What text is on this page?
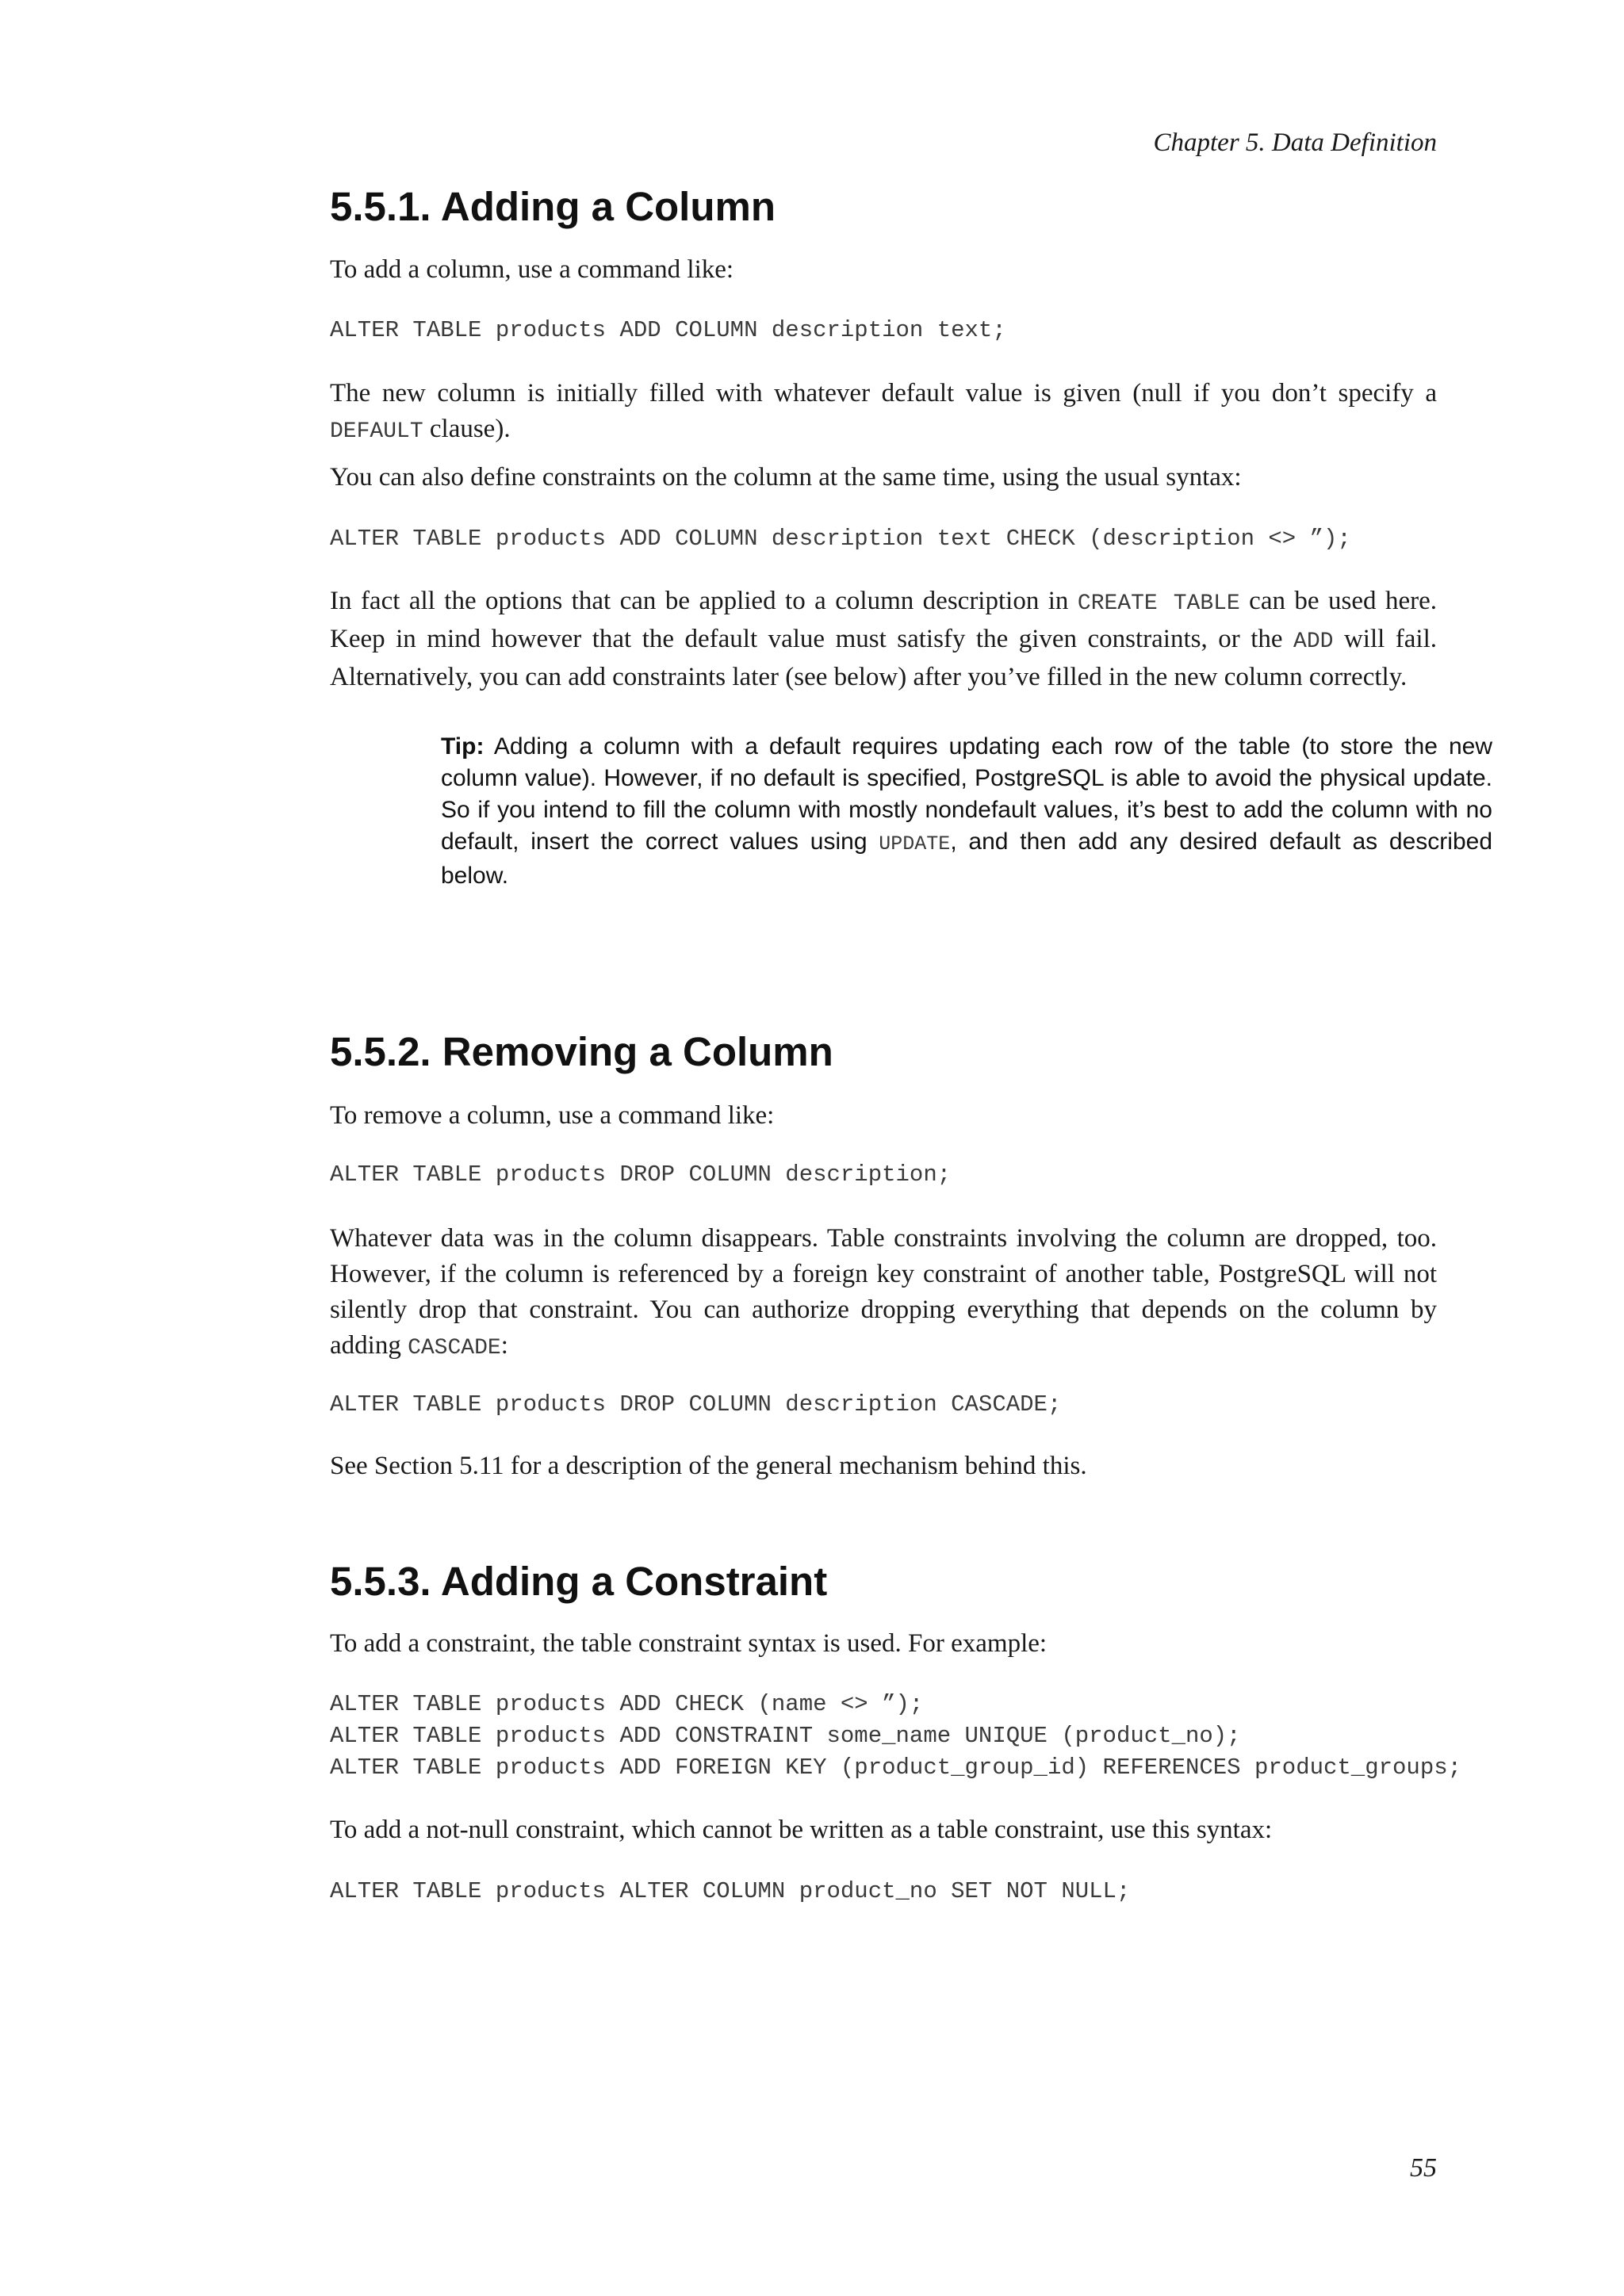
Chapter 5. Data Definition
5.5.1. Adding a Column

To add a column, use a command like:

ALTER TABLE products ADD COLUMN description text;

The new column is initially filled with whatever default value is given (null if you don’t specify a DEFAULT clause).

You can also define constraints on the column at the same time, using the usual syntax:

ALTER TABLE products ADD COLUMN description text CHECK (description <> ”);

In fact all the options that can be applied to a column description in CREATE TABLE can be used here. Keep in mind however that the default value must satisfy the given constraints, or the ADD will fail. Alternatively, you can add constraints later (see below) after you’ve filled in the new column correctly.

Tip: Adding a column with a default requires updating each row of the table (to store the new column value). However, if no default is specified, PostgreSQL is able to avoid the physical update. So if you intend to fill the column with mostly nondefault values, it’s best to add the column with no default, insert the correct values using UPDATE, and then add any desired default as described below.
5.5.2. Removing a Column

To remove a column, use a command like:

ALTER TABLE products DROP COLUMN description;

Whatever data was in the column disappears. Table constraints involving the column are dropped, too. However, if the column is referenced by a foreign key constraint of another table, PostgreSQL will not silently drop that constraint. You can authorize dropping everything that depends on the column by adding CASCADE:

ALTER TABLE products DROP COLUMN description CASCADE;

See Section 5.11 for a description of the general mechanism behind this.

5.5.3. Adding a Constraint

To add a constraint, the table constraint syntax is used. For example:

ALTER TABLE products ADD CHECK (name <> ”);
ALTER TABLE products ADD CONSTRAINT some_name UNIQUE (product_no);
ALTER TABLE products ADD FOREIGN KEY (product_group_id) REFERENCES product_groups;

To add a not-null constraint, which cannot be written as a table constraint, use this syntax:

ALTER TABLE products ALTER COLUMN product_no SET NOT NULL;
55
